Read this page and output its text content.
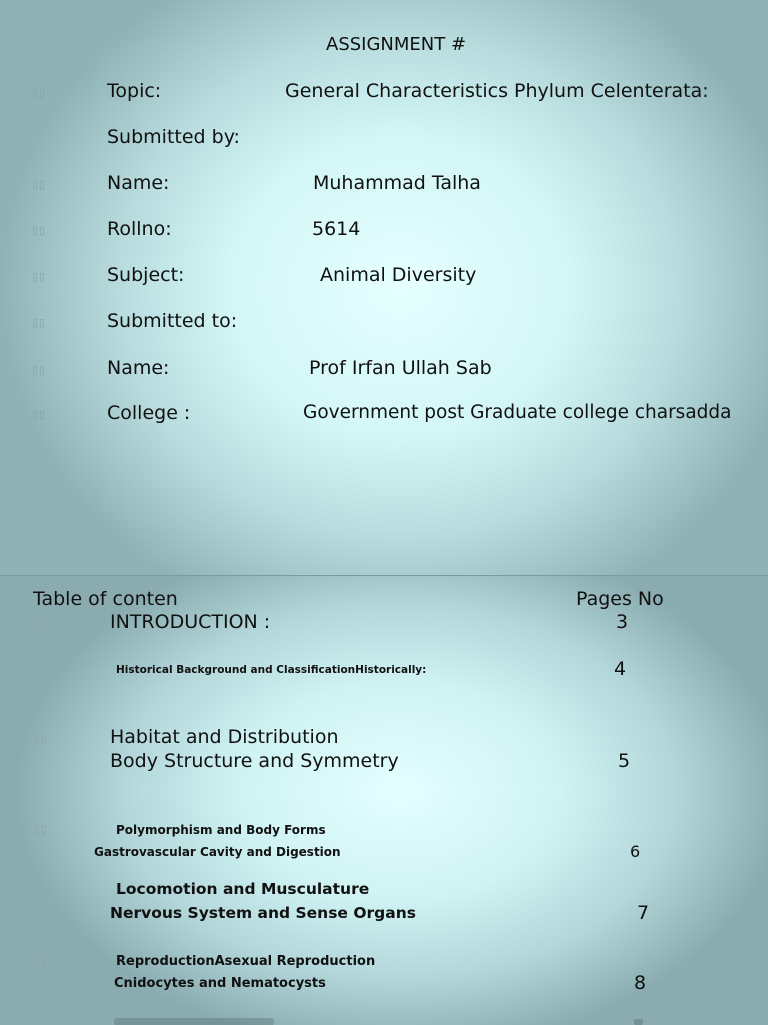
ASSIGNMENT #
▯▯	Topic:	General Characteristics Phylum Celenterata:
Submitted by:
▯▯	Name:	Muhammad Talha
▯▯	Rollno:	5614
▯▯	Subject:	Animal Diversity
▯▯	Submitted to:
▯▯	Name:	Prof Irfan Ullah Sab
▯▯	College :	Government post Graduate college charsadda
Table of conten	Pages No
▯▯	INTRODUCTION :	3
Historical Background and ClassificationHistorically:	4
▯▯	Habitat and Distribution
Body Structure and Symmetry	5
▯▯	Polymorphism and Body Forms
Gastrovascular Cavity and Digestion	6
Locomotion and Musculature
Nervous System and Sense Organs	7
▯▯	ReproductionAsexual Reproduction
Cnidocytes and Nematocysts	8
